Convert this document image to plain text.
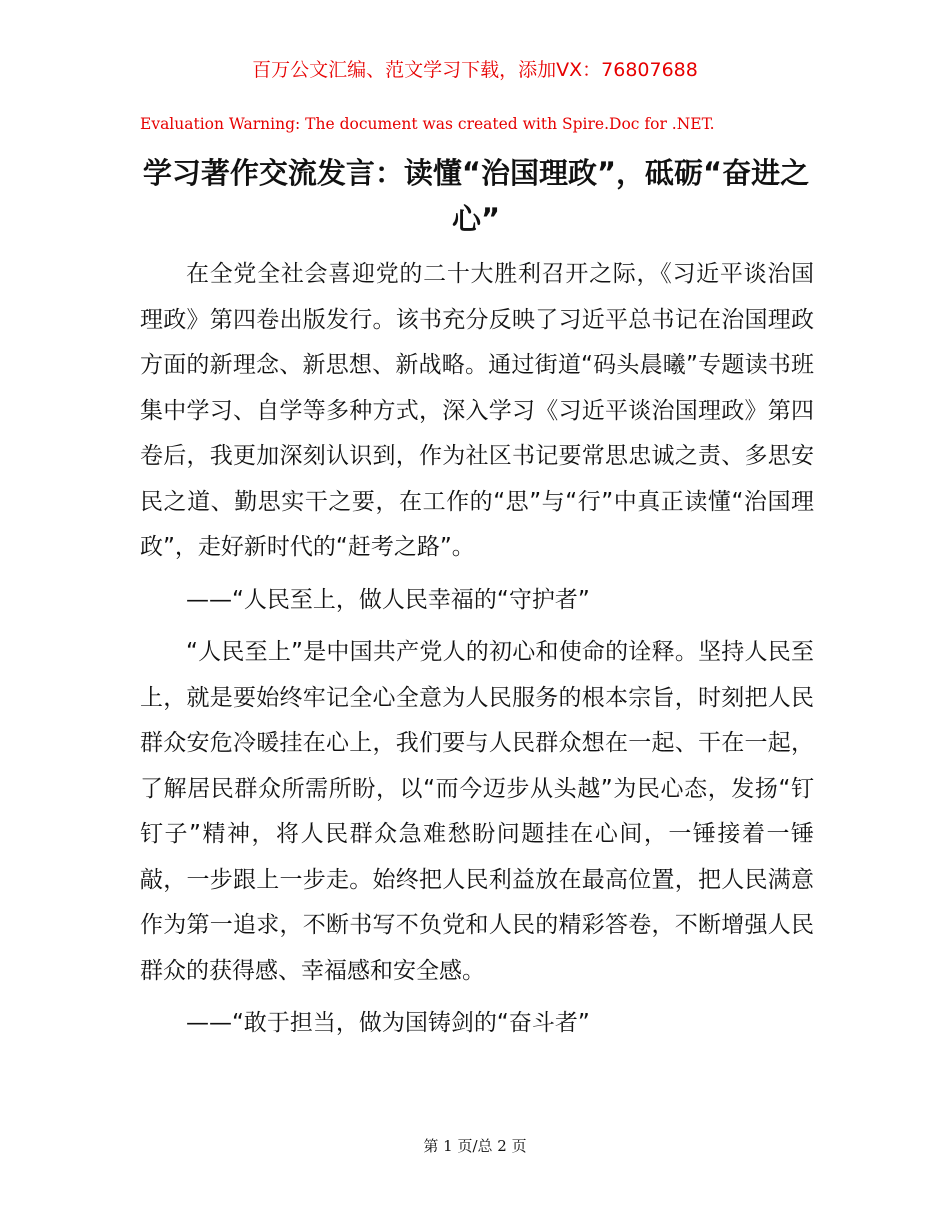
百万公文汇编、范文学习下载，添加VX：76807688
Evaluation Warning: The document was created with Spire.Doc for .NET.
学习著作交流发言：读懂“治国理政”，砥砺“奋进之心”

在全党全社会喜迎党的二十大胜利召开之际，《习近平谈治国理政》第四卷出版发行。该书充分反映了习近平总书记在治国理政方面的新理念、新思想、新战略。通过街道“码头晨曦”专题读书班集中学习、自学等多种方式，深入学习《习近平谈治国理政》第四卷后，我更加深刻认识到，作为社区书记要常思忠诚之责、多思安民之道、勤思实干之要，在工作的“思”与“行”中真正读懂“治国理政”，走好新时代的“赶考之路”。

——“人民至上，做人民幸福的“守护者”

“人民至上”是中国共产党人的初心和使命的诠释。坚持人民至上，就是要始终牢记全心全意为人民服务的根本宗旨，时刻把人民群众安危冷暖挂在心上，我们要与人民群众想在一起、干在一起，了解居民群众所需所盼，以“而今迈步从头越”为民心态，发扬“钉钉子”精神，将人民群众急难愁盼问题挂在心间，一锤接着一锤敲，一步跟上一步走。始终把人民利益放在最高位置，把人民满意作为第一追求，不断书写不负党和人民的精彩答卷，不断增强人民群众的获得感、幸福感和安全感。

——“敢于担当，做为国铸剑的“奋斗者”

第 1 页/总 2 页
